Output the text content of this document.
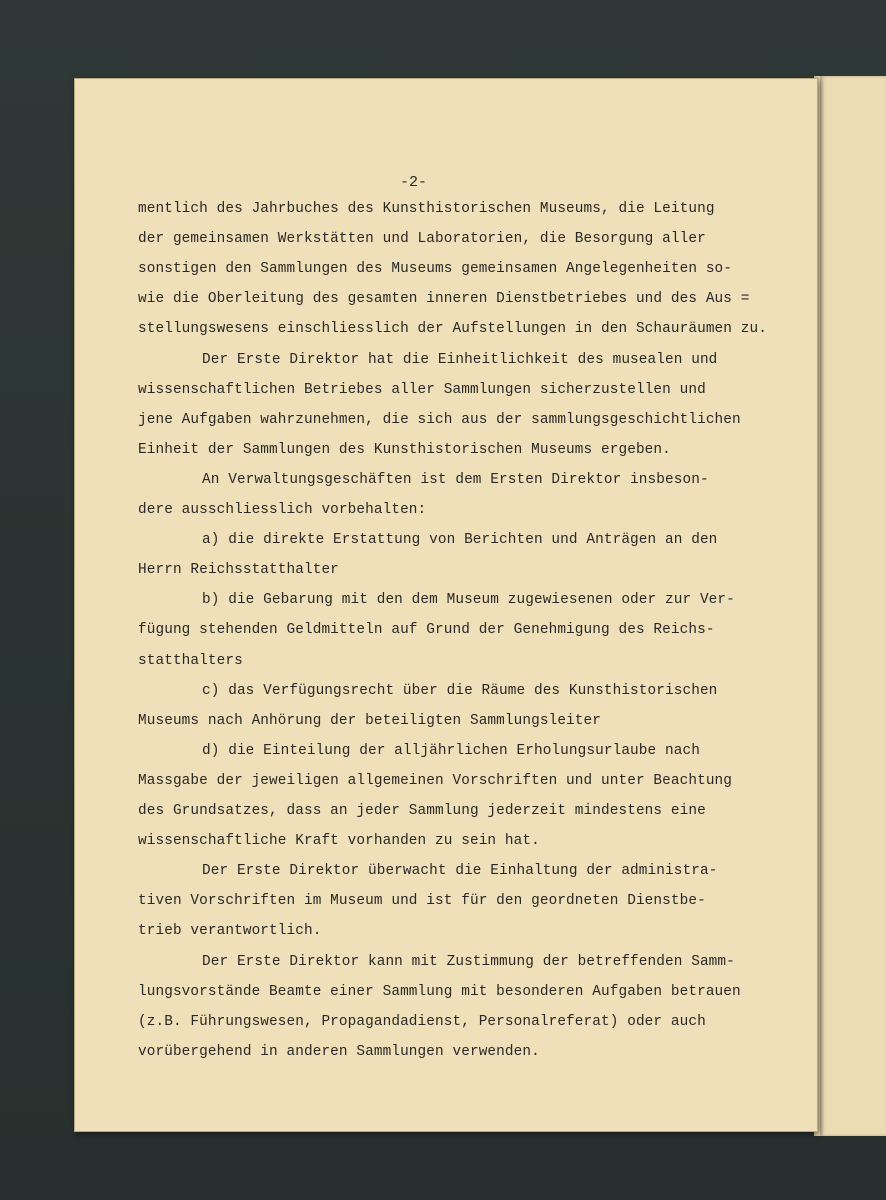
-2-
mentlich des Jahrbuches des Kunsthistorischen Museums, die Leitung
der gemeinsamen Werkstätten und Laboratorien, die Besorgung aller
sonstigen den Sammlungen des Museums gemeinsamen Angelegenheiten so-
wie die Oberleitung des gesamten inneren Dienstbetriebes und des Aus =
stellungswesens einschliesslich der Aufstellungen in den Schauräumen zu.
Der Erste Direktor hat die Einheitlichkeit des musealen und
wissenschaftlichen Betriebes aller Sammlungen sicherzustellen und
jene Aufgaben wahrzunehmen, die sich aus der sammlungsgeschichtlichen
Einheit der Sammlungen des Kunsthistorischen Museums ergeben.
An Verwaltungsgeschäften ist dem Ersten Direktor insbeson-
dere ausschliesslich vorbehalten:
a) die direkte Erstattung von Berichten und Anträgen an den
Herrn Reichsstatthalter
b) die Gebarung mit den dem Museum zugewiesenen oder zur Ver-
fügung stehenden Geldmitteln auf Grund der Genehmigung des Reichs-
statthalters
c) das Verfügungsrecht über die Räume des Kunsthistorischen
Museums nach Anhörung der beteiligten Sammlungsleiter
d) die Einteilung der alljährlichen Erholungsurlaube nach
Massgabe der jeweiligen allgemeinen Vorschriften und unter Beachtung
des Grundsatzes, dass an jeder Sammlung jederzeit mindestens eine
wissenschaftliche Kraft vorhanden zu sein hat.
Der Erste Direktor überwacht die Einhaltung der administra-
tiven Vorschriften im Museum und ist für den geordneten Dienstbe-
trieb verantwortlich.
Der Erste Direktor kann mit Zustimmung der betreffenden Samm-
lungsvorstände Beamte einer Sammlung mit besonderen Aufgaben betrauen
(z.B. Führungswesen, Propagandadienst, Personalreferat) oder auch
vorübergehend in anderen Sammlungen verwenden.
